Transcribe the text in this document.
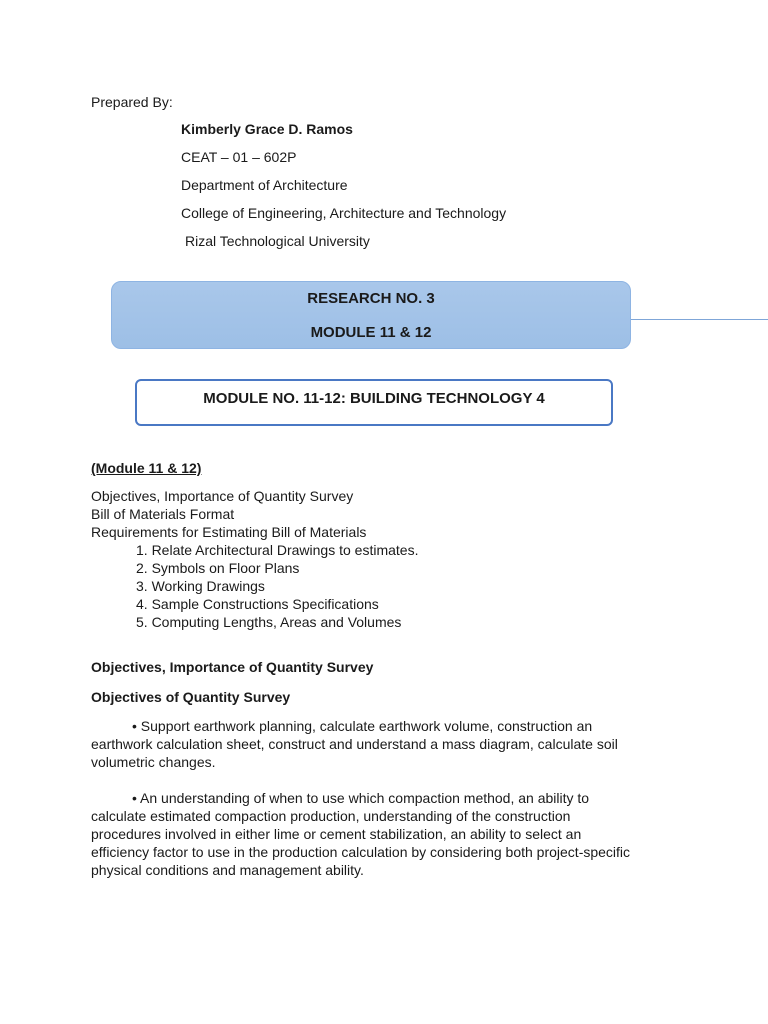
Prepared By:
Kimberly Grace D. Ramos
CEAT – 01 – 602P
Department of Architecture
College of Engineering, Architecture and Technology
Rizal Technological University
RESEARCH NO. 3
MODULE 11 & 12
MODULE NO. 11-12: BUILDING TECHNOLOGY 4
(Module 11 & 12)
Objectives, Importance of Quantity Survey
Bill of Materials Format
Requirements for Estimating Bill of Materials
1. Relate Architectural Drawings to estimates.
2. Symbols on Floor Plans
3. Working Drawings
4. Sample Constructions Specifications
5. Computing Lengths, Areas and Volumes
Objectives, Importance of Quantity Survey
Objectives of Quantity Survey
• Support earthwork planning, calculate earthwork volume, construction an
earthwork calculation sheet, construct and understand a mass diagram, calculate soil
volumetric changes.
• An understanding of when to use which compaction method, an ability to
calculate estimated compaction production, understanding of the construction
procedures involved in either lime or cement stabilization, an ability to select an
efficiency factor to use in the production calculation by considering both project-specific
physical conditions and management ability.
